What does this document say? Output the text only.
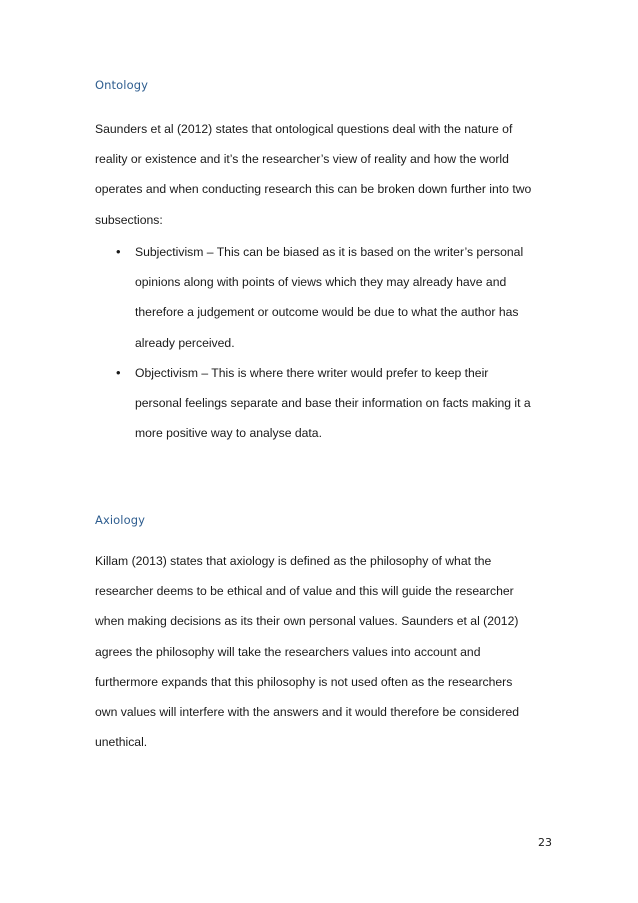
Ontology

Saunders et al (2012) states that ontological questions deal with the nature of
reality or existence and it’s the researcher’s view of reality and how the world
operates and when conducting research this can be broken down further into two
subsections:

• Subjectivism – This can be biased as it is based on the writer’s personal
opinions along with points of views which they may already have and
therefore a judgement or outcome would be due to what the author has
already perceived.
• Objectivism – This is where there writer would prefer to keep their
personal feelings separate and base their information on facts making it a
more positive way to analyse data.
Axiology

Killam (2013) states that axiology is defined as the philosophy of what the
researcher deems to be ethical and of value and this will guide the researcher
when making decisions as its their own personal values. Saunders et al (2012)
agrees the philosophy will take the researchers values into account and
furthermore expands that this philosophy is not used often as the researchers
own values will interfere with the answers and it would therefore be considered
unethical.

23
